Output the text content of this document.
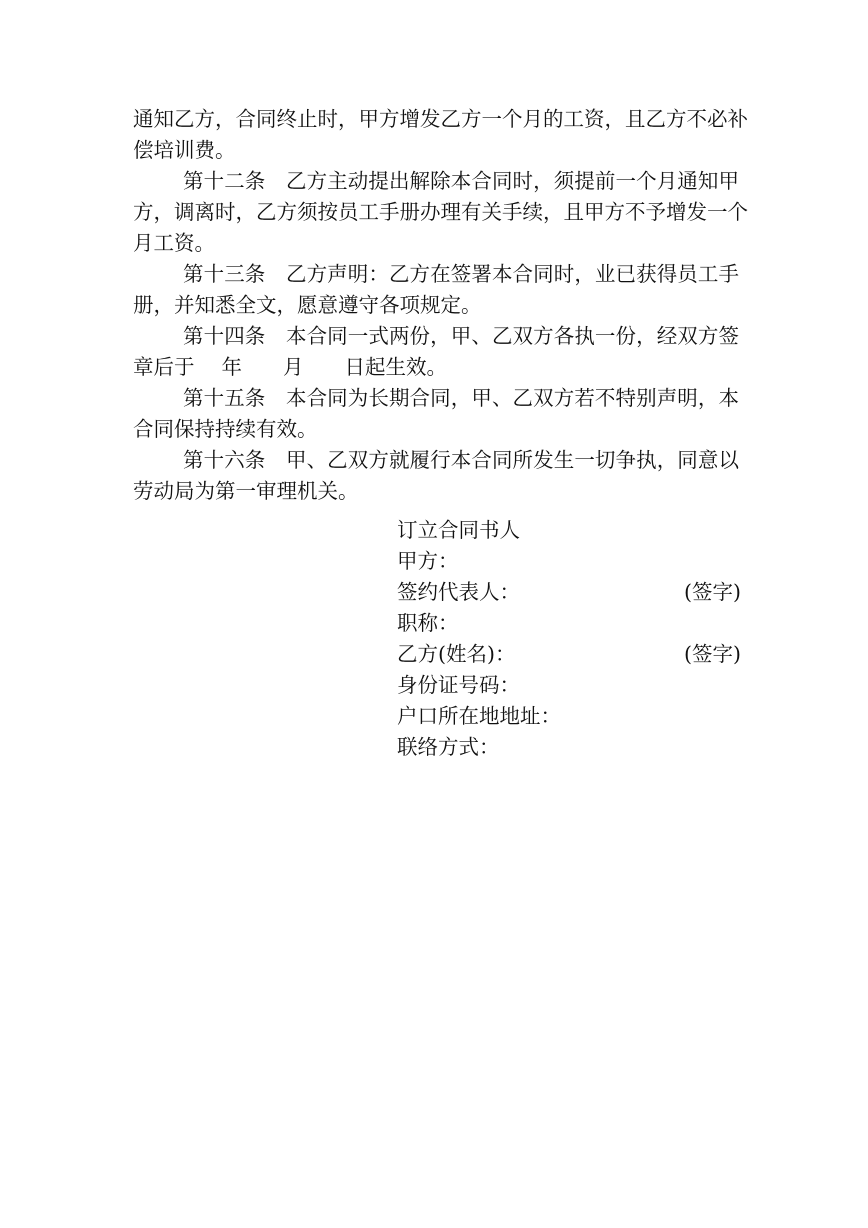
通知乙方，合同终止时，甲方增发乙方一个月的工资，且乙方不必补
偿培训费。
第十二条　乙方主动提出解除本合同时，须提前一个月通知甲
方，调离时，乙方须按员工手册办理有关手续，且甲方不予增发一个
月工资。
第十三条　乙方声明：乙方在签署本合同时，业已获得员工手
册，并知悉全文，愿意遵守各项规定。
第十四条　本合同一式两份，甲、乙双方各执一份，经双方签
章后于　 年　　月　　日起生效。
第十五条　本合同为长期合同，甲、乙双方若不特别声明，本
合同保持持续有效。
第十六条　甲、乙双方就履行本合同所发生一切争执，同意以
劳动局为第一审理机关。
订立合同书人
甲方：
签约代表人：	(签字)
职称：
乙方(姓名)：	(签字)
身份证号码：
户口所在地地址：
联络方式：
